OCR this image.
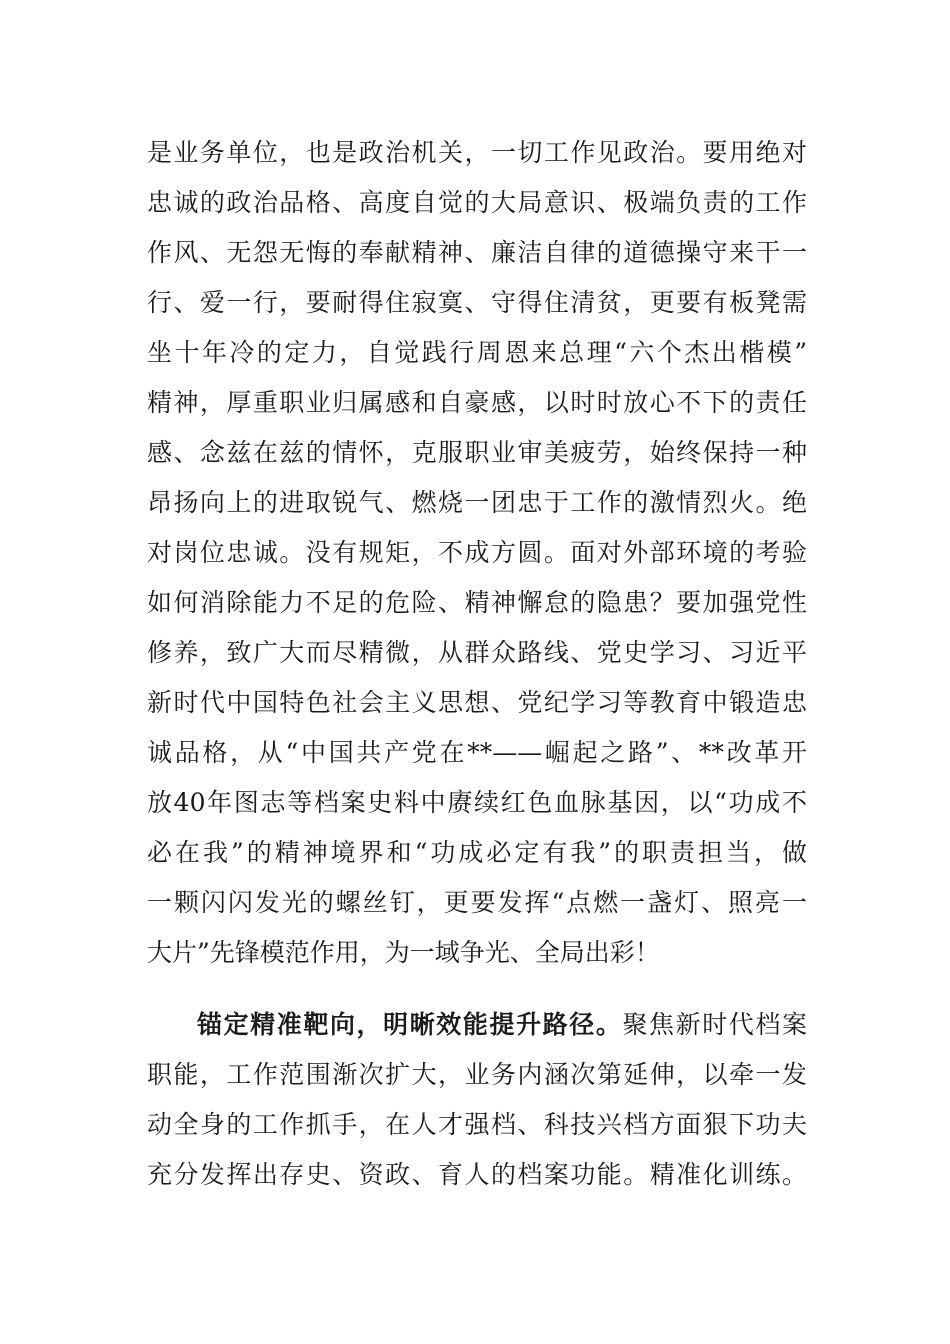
是业务单位，也是政治机关，一切工作见政治。要用绝对
忠诚的政治品格、高度自觉的大局意识、极端负责的工作
作风、无怨无悔的奉献精神、廉洁自律的道德操守来干一
行、爱一行，要耐得住寂寞、守得住清贫，更要有板凳需
坐十年冷的定力，自觉践行周恩来总理“六个杰出楷模”
精神，厚重职业归属感和自豪感，以时时放心不下的责任
感、念兹在兹的情怀，克服职业审美疲劳，始终保持一种
昂扬向上的进取锐气、燃烧一团忠于工作的激情烈火。绝
对岗位忠诚。没有规矩，不成方圆。面对外部环境的考验
如何消除能力不足的危险、精神懈怠的隐患？要加强党性
修养，致广大而尽精微，从群众路线、党史学习、习近平
新时代中国特色社会主义思想、党纪学习等教育中锻造忠
诚品格，从“中国共产党在**——崛起之路”、**改革开
放40年图志等档案史料中赓续红色血脉基因，以“功成不
必在我”的精神境界和“功成必定有我”的职责担当，做
一颗闪闪发光的螺丝钉，更要发挥“点燃一盏灯、照亮一
大片”先锋模范作用，为一域争光、全局出彩！
锚定精准靶向，明晰效能提升路径。聚焦新时代档案
职能，工作范围渐次扩大，业务内涵次第延伸，以牵一发
动全身的工作抓手，在人才强档、科技兴档方面狠下功夫
充分发挥出存史、资政、育人的档案功能。精准化训练。
